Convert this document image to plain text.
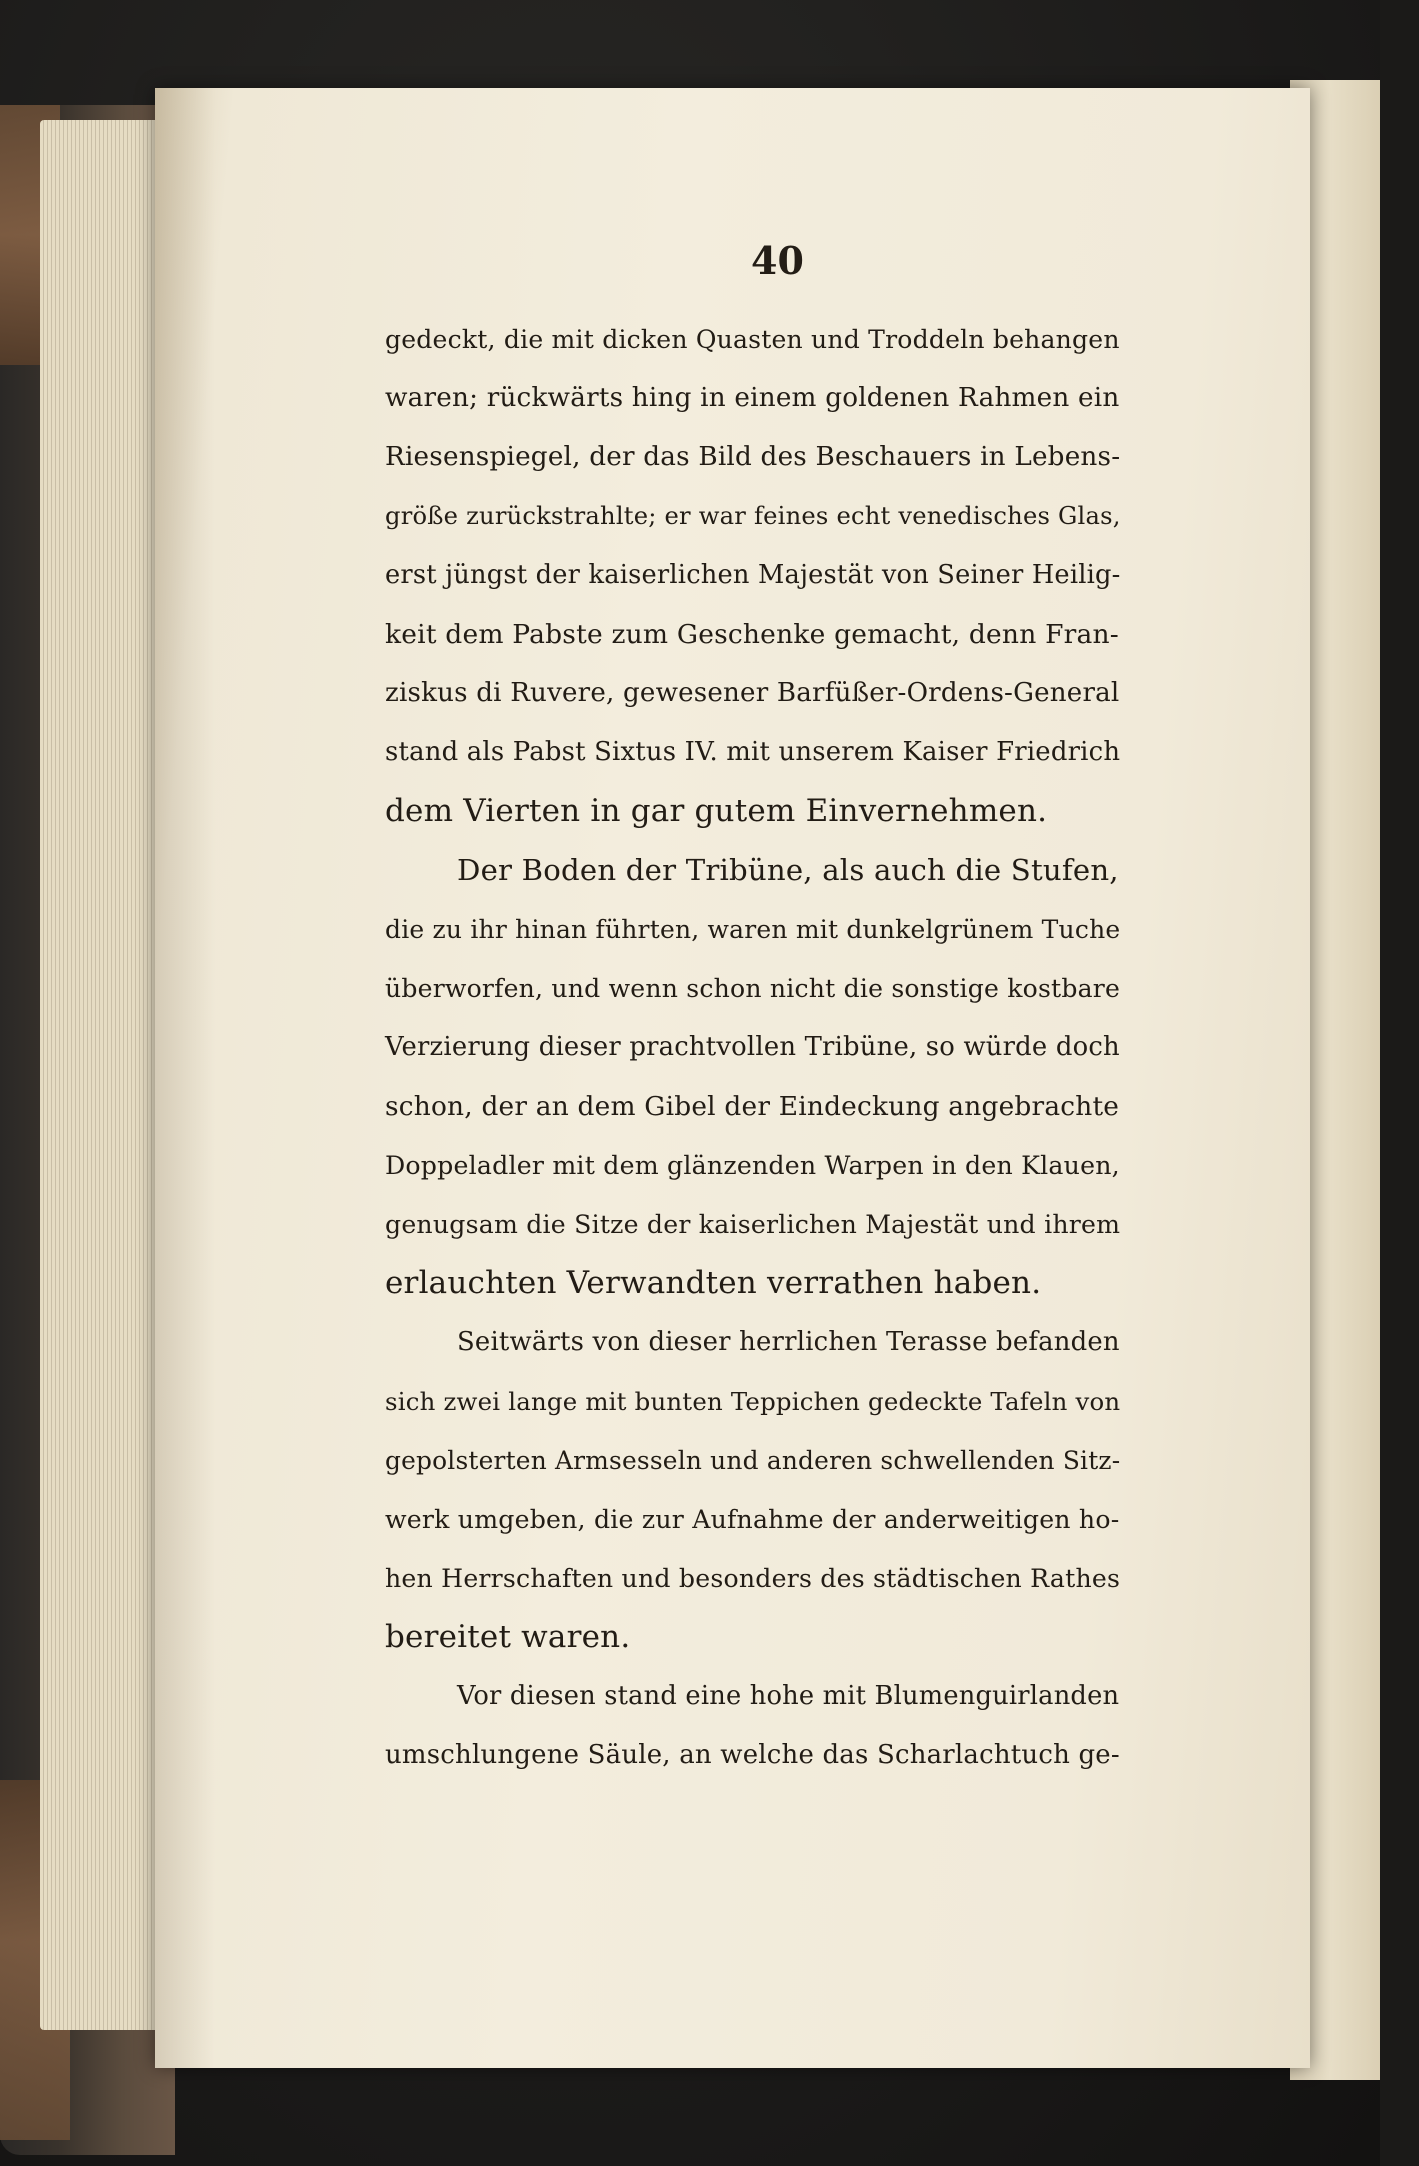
40
gedeckt, die mit dicken Quasten und Troddeln behangen
waren; rückwärts hing in einem goldenen Rahmen ein
Riesenspiegel, der das Bild des Beschauers in Lebens-
größe zurückstrahlte; er war feines echt venedisches Glas,
erst jüngst der kaiserlichen Majestät von Seiner Heilig-
keit dem Pabste zum Geschenke gemacht, denn Fran-
ziskus di Ruvere, gewesener Barfüßer-Ordens-General
stand als Pabst Sixtus IV. mit unserem Kaiser Friedrich
dem Vierten in gar gutem Einvernehmen.
Der Boden der Tribüne, als auch die Stufen,
die zu ihr hinan führten, waren mit dunkelgrünem Tuche
überworfen, und wenn schon nicht die sonstige kostbare
Verzierung dieser prachtvollen Tribüne, so würde doch
schon, der an dem Gibel der Eindeckung angebrachte
Doppeladler mit dem glänzenden Warpen in den Klauen,
genugsam die Sitze der kaiserlichen Majestät und ihrem
erlauchten Verwandten verrathen haben.
Seitwärts von dieser herrlichen Terasse befanden
sich zwei lange mit bunten Teppichen gedeckte Tafeln von
gepolsterten Armsesseln und anderen schwellenden Sitz-
werk umgeben, die zur Aufnahme der anderweitigen ho-
hen Herrschaften und besonders des städtischen Rathes
bereitet waren.
Vor diesen stand eine hohe mit Blumenguirlanden
umschlungene Säule, an welche das Scharlachtuch ge-
